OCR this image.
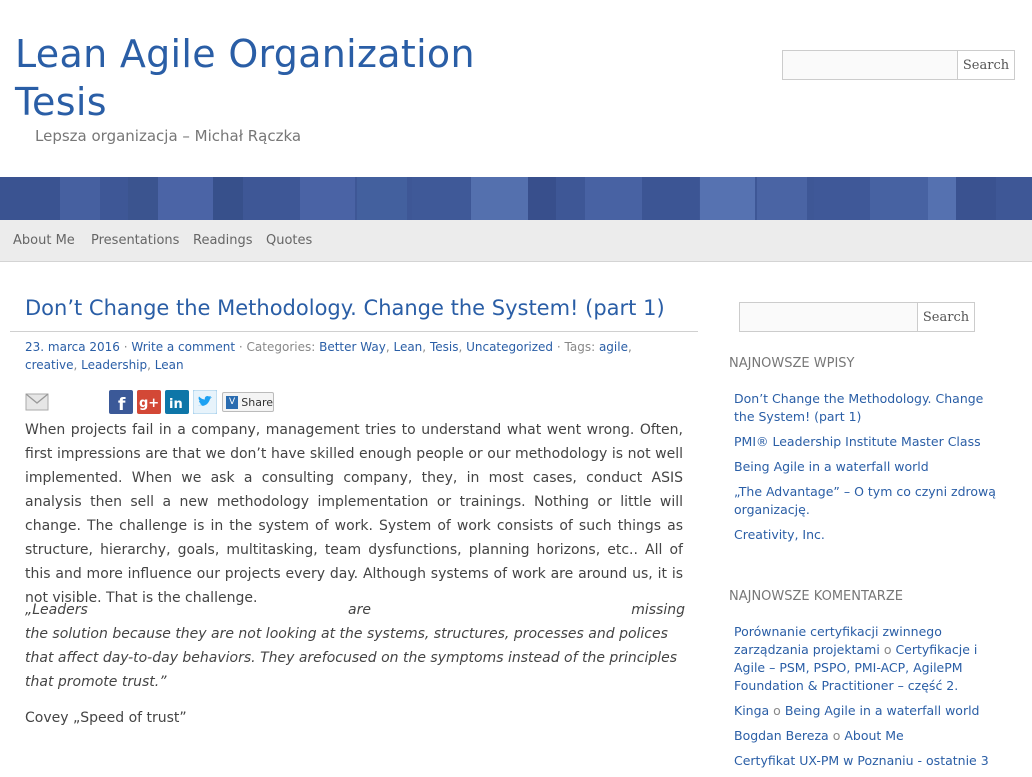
Lean Agile Organization Tesis
Lepsza organizacja – Michał Rączka
Search
About Me Presentations Readings Quotes
Don’t Change the Methodology. Change the System! (part 1)
23. marca 2016 · Write a comment · Categories: Better Way, Lean, Tesis, Uncategorized · Tags: agile, creative, Leadership, Lean
f g+ in	V Share

When projects fail in a company, management tries to understand what went wrong. Often, first impressions are that we don’t have skilled enough people or our methodology is not well implemented. When we ask a consulting company, they, in most cases, conduct ASIS analysis then sell a new methodology implementation or trainings. Nothing or little will change. The challenge is in the system of work. System of work consists of such things as structure, hierarchy, goals, multitasking, team dysfunctions, planning horizons, etc.. All of this and more influence our projects every day. Although systems of work are around us, it is not visible. That is the challenge.

„Leaders	are	missing
the solution because they are not looking at the systems, structures, processes and polices that affect day-to-day behaviors. They arefocused on the symptoms instead of the principles that promote trust.”

Covey „Speed of trust”

Search
NAJNOWSZE WPISY
Don’t Change the Methodology. Change the System! (part 1)
PMI® Leadership Institute Master Class
Being Agile in a waterfall world
„The Advantage” – O tym co czyni zdrową organizację.
Creativity, Inc.
NAJNOWSZE KOMENTARZE
Porównanie certyfikacji zwinnego zarządzania projektami o Certyfikacje i Agile – PSM, PSPO, PMI-ACP, AgilePM Foundation & Practitioner – część 2.
Kinga o Being Agile in a waterfall world
Bogdan Bereza o About Me
Certyfikat UX-PM w Poznaniu - ostatnie 3
